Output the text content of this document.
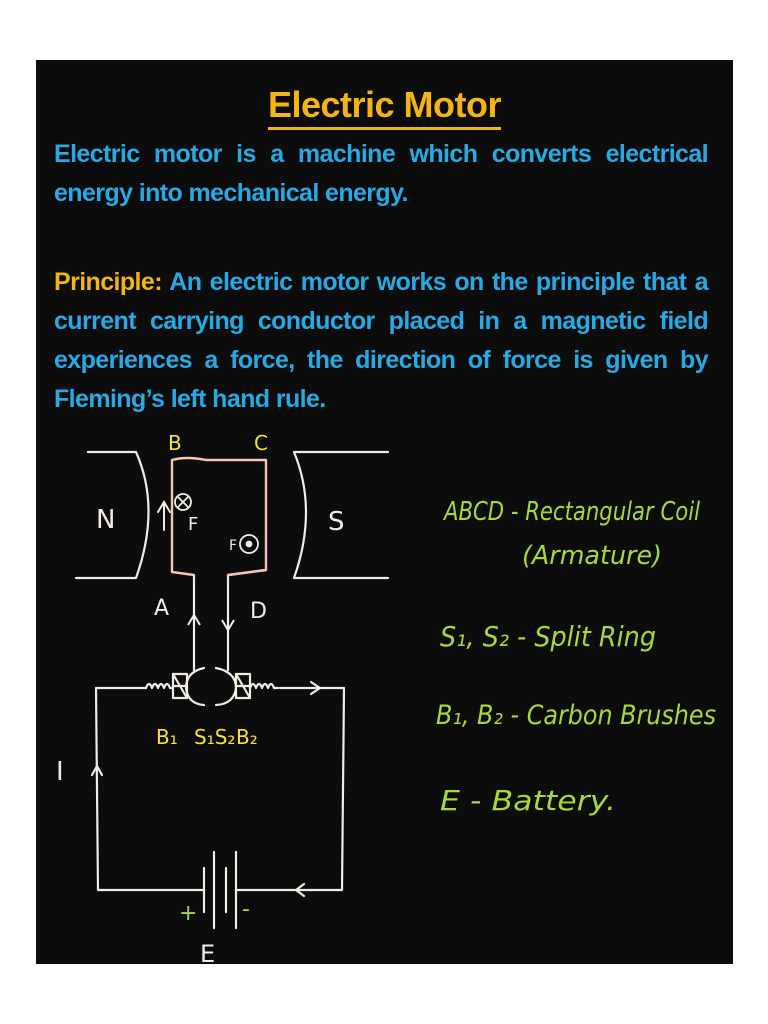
Electric Motor
Electric motor is a machine which converts electrical energy into mechanical energy.
Principle: An electric motor works on the principle that a current carrying conductor placed in a magnetic field experiences a force, the direction of force is given by Fleming’s left hand rule.
N	S
A	D
B	C
F
F
B₁ S₁S₂ B₂
I
+ -
E
ABCD - Rectangular Coil
(Armature)
S₁, S₂ - Split Ring
B₁, B₂ - Carbon Brushes
E - Battery.
